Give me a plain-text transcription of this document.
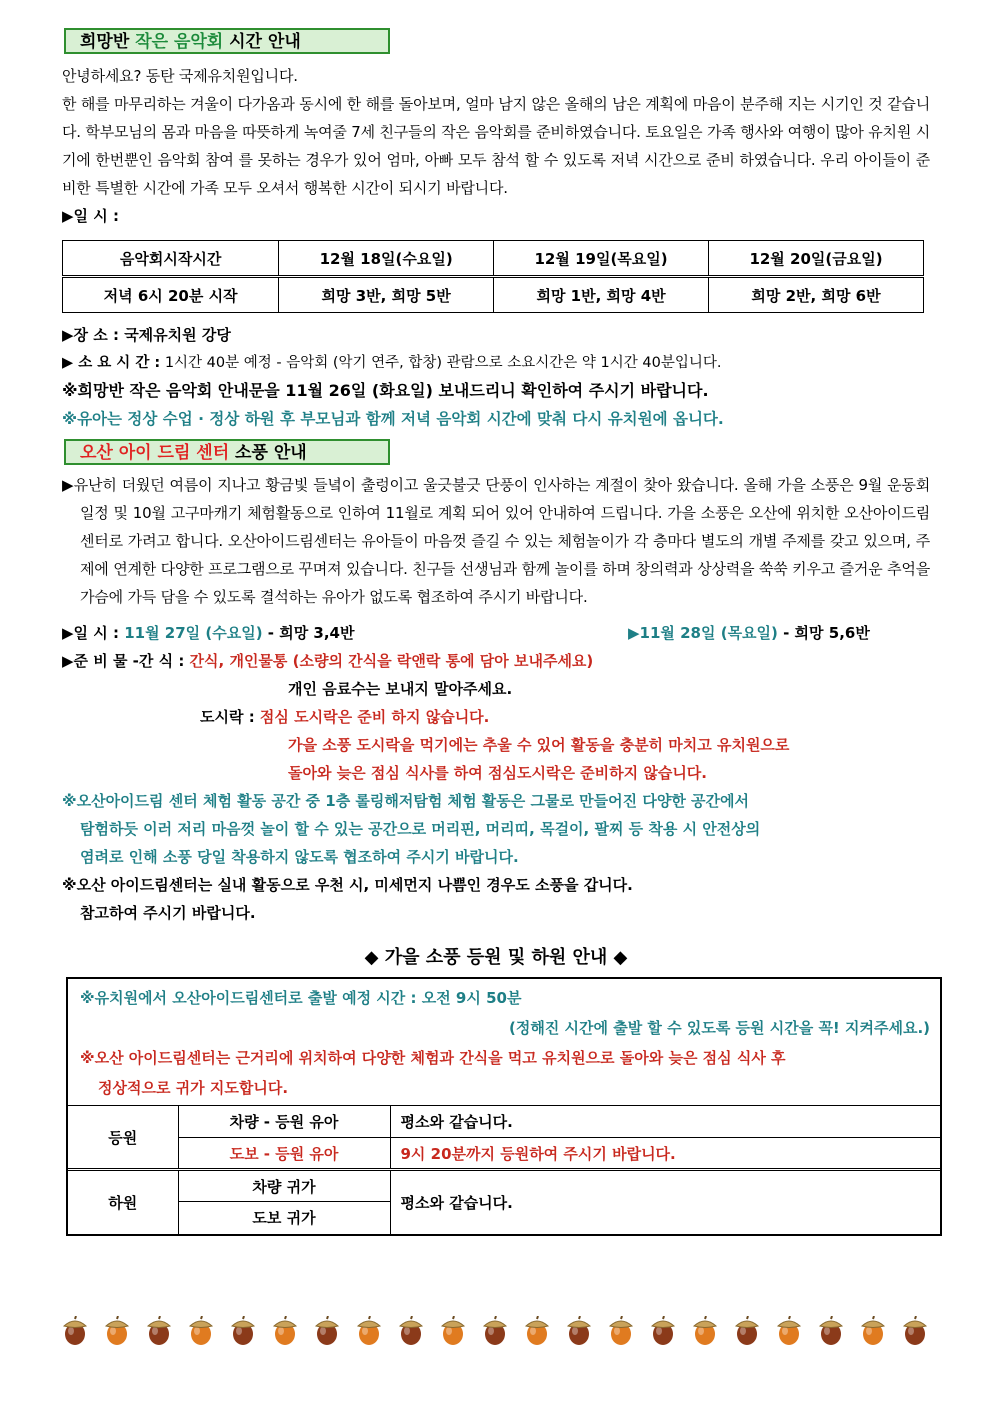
희망반 작은 음악회 시간 안내

안녕하세요? 동탄 국제유치원입니다.

한 해를 마무리하는 겨울이 다가옴과 동시에 한 해를 돌아보며, 얼마 남지 않은 올해의 남은 계획에 마음이 분주해 지는 시기인 것 같습니다. 학부모님의 몸과 마음을 따뜻하게 녹여줄 7세 친구들의 작은 음악회를 준비하였습니다. 토요일은 가족 행사와 여행이 많아 유치원 시기에 한번뿐인 음악회 참여 를 못하는 경우가 있어 엄마, 아빠 모두 참석 할 수 있도록 저녁 시간으로 준비 하였습니다. 우리 아이들이 준비한 특별한 시간에 가족 모두 오셔서 행복한 시간이 되시기 바랍니다.

▶일 시 :
음악회시작시간	12월 18일(수요일)	12월 19일(목요일)	12월 20일(금요일)
저녁 6시 20분 시작	희망 3반, 희망 5반	희망 1반, 희망 4반	희망 2반, 희망 6반
▶장 소 : 국제유치원 강당
▶ 소 요 시 간 : 1시간 40분 예정 - 음악회 (악기 연주, 합창) 관람으로 소요시간은 약 1시간 40분입니다.
※희망반 작은 음악회 안내문을 11월 26일 (화요일) 보내드리니 확인하여 주시기 바랍니다.
※유아는 정상 수업 · 정상 하원 후 부모님과 함께 저녁 음악회 시간에 맞춰 다시 유치원에 옵니다.
오산 아이 드림 센터 소풍 안내

▶유난히 더웠던 여름이 지나고 황금빛 들녘이 출렁이고 울긋불긋 단풍이 인사하는 계절이 찾아 왔습니다. 올해 가을 소풍은 9월 운동회 일정 및 10월 고구마캐기 체험활동으로 인하여 11월로 계획 되어 있어 안내하여 드립니다. 가을 소풍은 오산에 위치한 오산아이드림센터로 가려고 합니다. 오산아이드림센터는 유아들이 마음껏 즐길 수 있는 체험놀이가 각 층마다 별도의 개별 주제를 갖고 있으며, 주제에 연계한 다양한 프로그램으로 꾸며져 있습니다. 친구들 선생님과 함께 놀이를 하며 창의력과 상상력을 쑥쑥 키우고 즐거운 추억을 가슴에 가득 담을 수 있도록 결석하는 유아가 없도록 협조하여 주시기 바랍니다.

▶일 시 : 11월 27일 (수요일) - 희망 3,4반	▶11월 28일 (목요일) - 희망 5,6반
▶준 비 물 -간 식 : 간식, 개인물통 (소량의 간식을 락앤락 통에 담아 보내주세요)
개인 음료수는 보내지 말아주세요.
도시락 : 점심 도시락은 준비 하지 않습니다.
가을 소풍 도시락을 먹기에는 추울 수 있어 활동을 충분히 마치고 유치원으로
돌아와 늦은 점심 식사를 하여 점심도시락은 준비하지 않습니다.
※오산아이드림 센터 체험 활동 공간 중 1층 롤링해저탐험 체험 활동은 그물로 만들어진 다양한 공간에서
탐험하듯 이러 저리 마음껏 놀이 할 수 있는 공간으로 머리핀, 머리띠, 목걸이, 팔찌 등 착용 시 안전상의
염려로 인해 소풍 당일 착용하지 않도록 협조하여 주시기 바랍니다.
※오산 아이드림센터는 실내 활동으로 우천 시, 미세먼지 나쁨인 경우도 소풍을 갑니다.
참고하여 주시기 바랍니다.
◆ 가을 소풍 등원 및 하원 안내 ◆
※유치원에서 오산아이드림센터로 출발 예정 시간 : 오전 9시 50분
(정해진 시간에 출발 할 수 있도록 등원 시간을 꼭! 지켜주세요.)
※오산 아이드림센터는 근거리에 위치하여 다양한 체험과 간식을 먹고 유치원으로 돌아와 늦은 점심 식사 후
정상적으로 귀가 지도합니다.
등원	차량 - 등원 유아	평소와 같습니다.
	도보 - 등원 유아	9시 20분까지 등원하여 주시기 바랍니다.
하원	차량 귀가	평소와 같습니다.
	도보 귀가	
